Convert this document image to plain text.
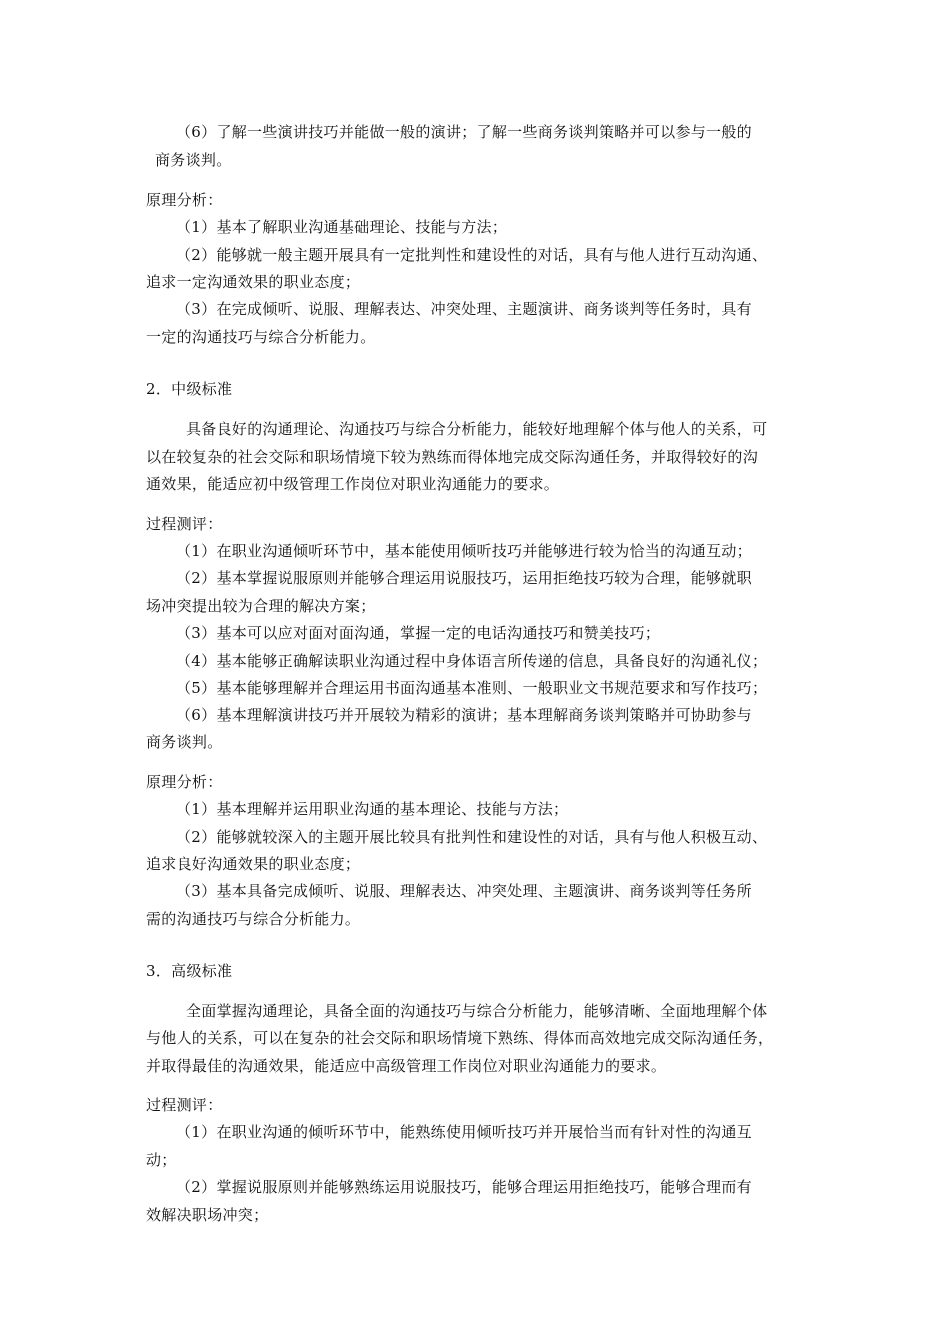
（6）了解一些演讲技巧并能做一般的演讲；了解一些商务谈判策略并可以参与一般的
商务谈判。
原理分析：
（1）基本了解职业沟通基础理论、技能与方法；
（2）能够就一般主题开展具有一定批判性和建设性的对话，具有与他人进行互动沟通、
追求一定沟通效果的职业态度；
（3）在完成倾听、说服、理解表达、冲突处理、主题演讲、商务谈判等任务时，具有
一定的沟通技巧与综合分析能力。
2．中级标准
具备良好的沟通理论、沟通技巧与综合分析能力，能较好地理解个体与他人的关系，可
以在较复杂的社会交际和职场情境下较为熟练而得体地完成交际沟通任务，并取得较好的沟
通效果，能适应初中级管理工作岗位对职业沟通能力的要求。
过程测评：
（1）在职业沟通倾听环节中，基本能使用倾听技巧并能够进行较为恰当的沟通互动；
（2）基本掌握说服原则并能够合理运用说服技巧，运用拒绝技巧较为合理，能够就职
场冲突提出较为合理的解决方案；
（3）基本可以应对面对面沟通，掌握一定的电话沟通技巧和赞美技巧；
（4）基本能够正确解读职业沟通过程中身体语言所传递的信息，具备良好的沟通礼仪；
（5）基本能够理解并合理运用书面沟通基本准则、一般职业文书规范要求和写作技巧；
（6）基本理解演讲技巧并开展较为精彩的演讲；基本理解商务谈判策略并可协助参与
商务谈判。
原理分析：
（1）基本理解并运用职业沟通的基本理论、技能与方法；
（2）能够就较深入的主题开展比较具有批判性和建设性的对话，具有与他人积极互动、
追求良好沟通效果的职业态度；
（3）基本具备完成倾听、说服、理解表达、冲突处理、主题演讲、商务谈判等任务所
需的沟通技巧与综合分析能力。
3．高级标准
全面掌握沟通理论，具备全面的沟通技巧与综合分析能力，能够清晰、全面地理解个体
与他人的关系，可以在复杂的社会交际和职场情境下熟练、得体而高效地完成交际沟通任务，
并取得最佳的沟通效果，能适应中高级管理工作岗位对职业沟通能力的要求。
过程测评：
（1）在职业沟通的倾听环节中，能熟练使用倾听技巧并开展恰当而有针对性的沟通互
动；
（2）掌握说服原则并能够熟练运用说服技巧，能够合理运用拒绝技巧，能够合理而有
效解决职场冲突；
